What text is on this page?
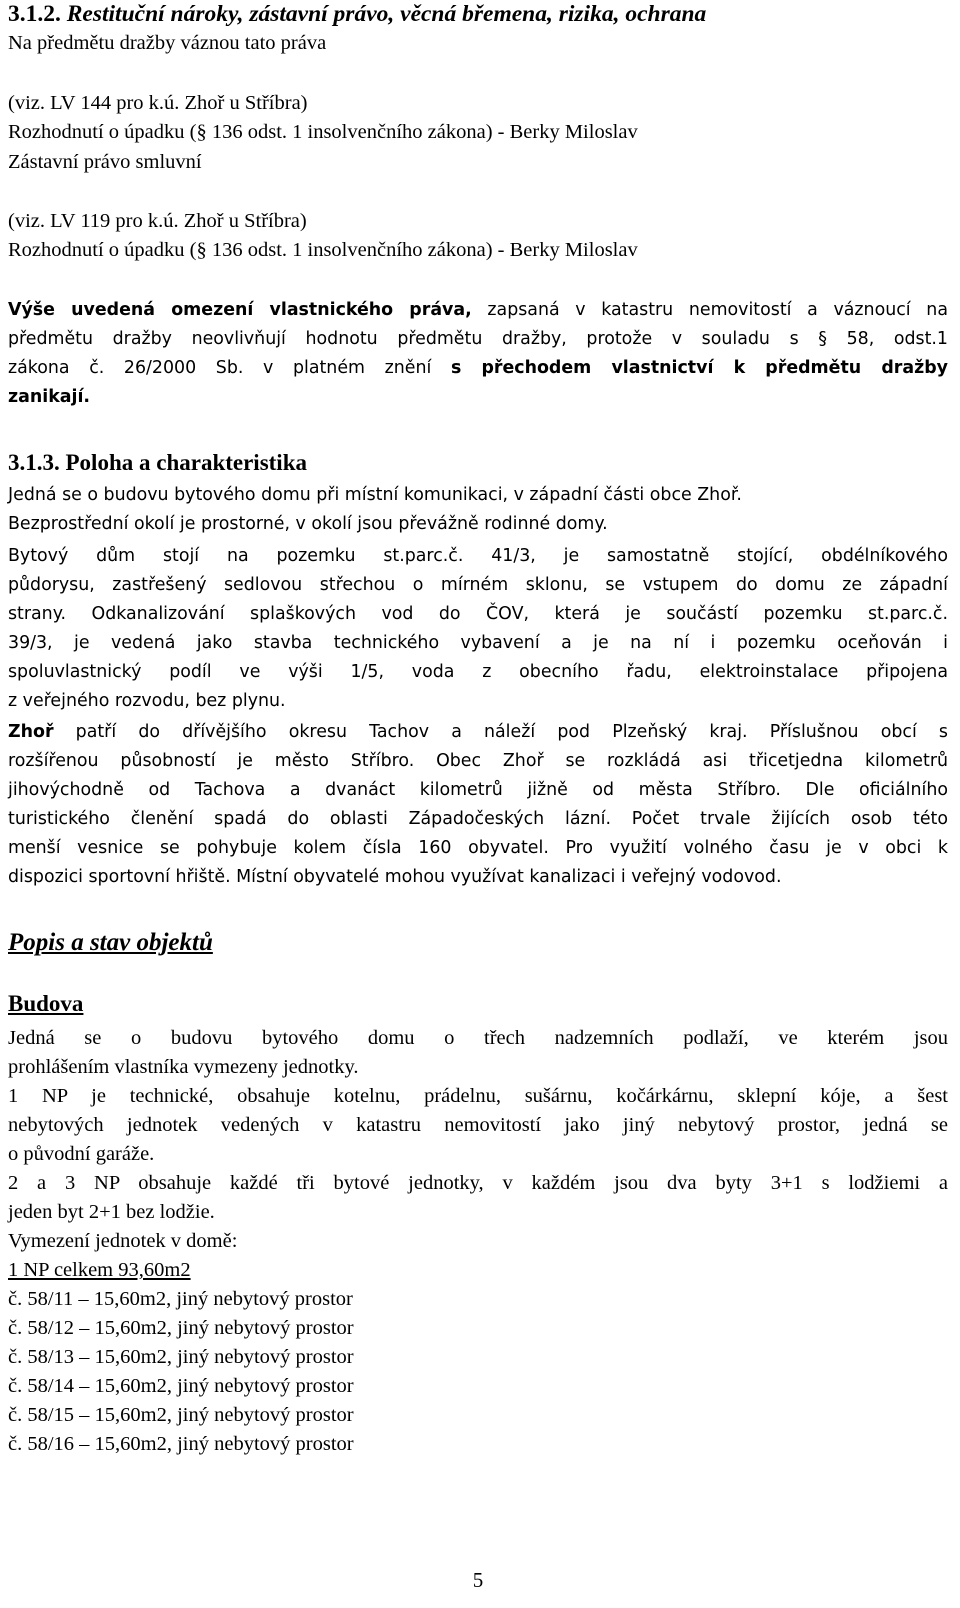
3.1.2. Restituční nároky, zástavní právo, věcná břemena, rizika, ochrana
Na předmětu dražby váznou tato práva
(viz. LV 144 pro k.ú. Zhoř u Stříbra)
Rozhodnutí o úpadku (§ 136 odst. 1 insolvenčního zákona) - Berky Miloslav
Zástavní právo smluvní
(viz. LV 119 pro k.ú. Zhoř u Stříbra)
Rozhodnutí o úpadku (§ 136 odst. 1 insolvenčního zákona) - Berky Miloslav
Výše uvedená omezení vlastnického práva, zapsaná v katastru nemovitostí a váznoucí na
předmětu dražby neovlivňují hodnotu předmětu dražby, protože v souladu s § 58, odst.1
zákona č. 26/2000 Sb. v platném znění s přechodem vlastnictví k předmětu dražby
zanikají.
3.1.3. Poloha a charakteristika
Jedná se o budovu bytového domu při místní komunikaci, v západní části obce Zhoř.
Bezprostřední okolí je prostorné, v okolí jsou převážně rodinné domy.
Bytový dům stojí na pozemku st.parc.č. 41/3, je samostatně stojící, obdélníkového
půdorysu, zastřešený sedlovou střechou o mírném sklonu, se vstupem do domu ze západní
strany. Odkanalizování splaškových vod do ČOV, která je součástí pozemku st.parc.č.
39/3, je vedená jako stavba technického vybavení a je na ní i pozemku oceňován i
spoluvlastnický podíl ve výši 1/5, voda z obecního řadu, elektroinstalace připojena
z veřejného rozvodu, bez plynu.
Zhoř patří do dřívějšího okresu Tachov a náleží pod Plzeňský kraj. Příslušnou obcí s
rozšířenou působností je město Stříbro. Obec Zhoř se rozkládá asi třicetjedna kilometrů
jihovýchodně od Tachova a dvanáct kilometrů jižně od města Stříbro. Dle oficiálního
turistického členění spadá do oblasti Západočeských lázní. Počet trvale žijících osob této
menší vesnice se pohybuje kolem čísla 160 obyvatel. Pro využití volného času je v obci k
dispozici sportovní hřiště. Místní obyvatelé mohou využívat kanalizaci i veřejný vodovod.
Popis a stav objektů
Budova
Jedná se o budovu bytového domu o třech nadzemních podlaží, ve kterém jsou
prohlášením vlastníka vymezeny jednotky.
1 NP je technické, obsahuje kotelnu, prádelnu, sušárnu, kočárkárnu, sklepní kóje, a šest
nebytových jednotek vedených v katastru nemovitostí jako jiný nebytový prostor, jedná se
o původní garáže.
2 a 3 NP obsahuje každé tři bytové jednotky, v každém jsou dva byty 3+1 s lodžiemi a
jeden byt 2+1 bez lodžie.
Vymezení jednotek v domě:
1 NP celkem 93,60m2
č. 58/11 – 15,60m2, jiný nebytový prostor
č. 58/12 – 15,60m2, jiný nebytový prostor
č. 58/13 – 15,60m2, jiný nebytový prostor
č. 58/14 – 15,60m2, jiný nebytový prostor
č. 58/15 – 15,60m2, jiný nebytový prostor
č. 58/16 – 15,60m2, jiný nebytový prostor
5
